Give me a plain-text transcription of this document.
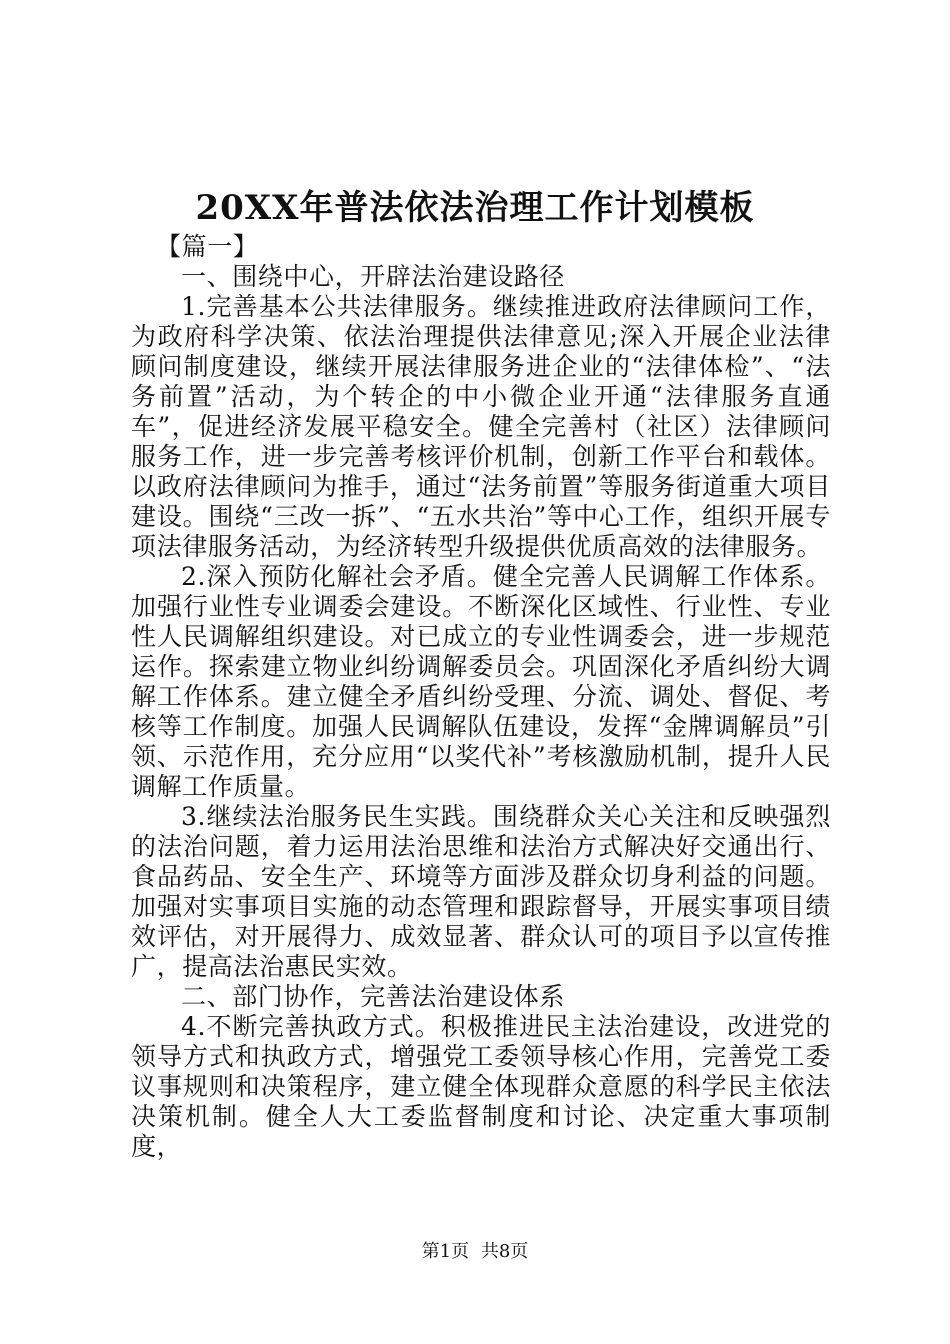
20XX年普法依法治理工作计划模板

【篇一】

一、围绕中心，开辟法治建设路径

1.完善基本公共法律服务。继续推进政府法律顾问工作，为政府科学决策、依法治理提供法律意见;深入开展企业法律顾问制度建设，继续开展法律服务进企业的“法律体检”、“法务前置”活动，为个转企的中小微企业开通“法律服务直通车”，促进经济发展平稳安全。健全完善村（社区）法律顾问服务工作，进一步完善考核评价机制，创新工作平台和载体。以政府法律顾问为推手，通过“法务前置”等服务街道重大项目建设。围绕“三改一拆”、“五水共治”等中心工作，组织开展专项法律服务活动，为经济转型升级提供优质高效的法律服务。

2.深入预防化解社会矛盾。健全完善人民调解工作体系。加强行业性专业调委会建设。不断深化区域性、行业性、专业性人民调解组织建设。对已成立的专业性调委会，进一步规范运作。探索建立物业纠纷调解委员会。巩固深化矛盾纠纷大调解工作体系。建立健全矛盾纠纷受理、分流、调处、督促、考核等工作制度。加强人民调解队伍建设，发挥“金牌调解员”引领、示范作用，充分应用“以奖代补”考核激励机制，提升人民调解工作质量。

3.继续法治服务民生实践。围绕群众关心关注和反映强烈的法治问题，着力运用法治思维和法治方式解决好交通出行、食品药品、安全生产、环境等方面涉及群众切身利益的问题。加强对实事项目实施的动态管理和跟踪督导，开展实事项目绩效评估，对开展得力、成效显著、群众认可的项目予以宣传推广，提高法治惠民实效。

二、部门协作，完善法治建设体系

4.不断完善执政方式。积极推进民主法治建设，改进党的领导方式和执政方式，增强党工委领导核心作用，完善党工委议事规则和决策程序，建立健全体现群众意愿的科学民主依法决策机制。健全人大工委监督制度和讨论、决定重大事项制度，

第1页 共8页
